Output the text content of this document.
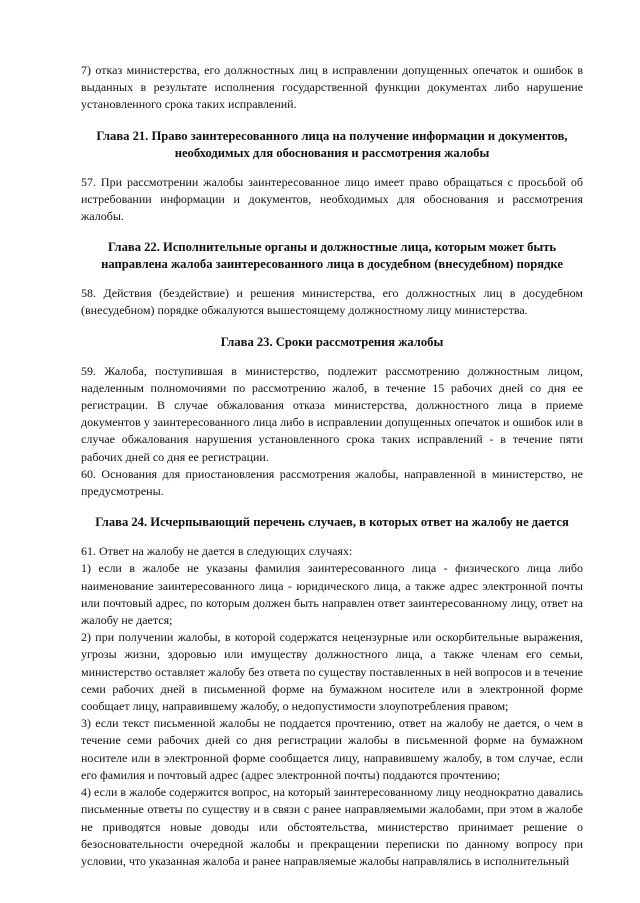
7) отказ министерства, его должностных лиц в исправлении допущенных опечаток и ошибок в выданных в результате исполнения государственной функции документах либо нарушение установленного срока таких исправлений.

Глава 21. Право заинтересованного лица на получение информации и документов, необходимых для обоснования и рассмотрения жалобы

57. При рассмотрении жалобы заинтересованное лицо имеет право обращаться с просьбой об истребовании информации и документов, необходимых для обоснования и рассмотрения жалобы.

Глава 22. Исполнительные органы и должностные лица, которым может быть направлена жалоба заинтересованного лица в досудебном (внесудебном) порядке

58. Действия (бездействие) и решения министерства, его должностных лиц в досудебном (внесудебном) порядке обжалуются вышестоящему должностному лицу министерства.

Глава 23. Сроки рассмотрения жалобы

59. Жалоба, поступившая в министерство, подлежит рассмотрению должностным лицом, наделенным полномочиями по рассмотрению жалоб, в течение 15 рабочих дней со дня ее регистрации. В случае обжалования отказа министерства, должностного лица в приеме документов у заинтересованного лица либо в исправлении допущенных опечаток и ошибок или в случае обжалования нарушения установленного срока таких исправлений - в течение пяти рабочих дней со дня ее регистрации.

60. Основания для приостановления рассмотрения жалобы, направленной в министерство, не предусмотрены.

Глава 24. Исчерпывающий перечень случаев, в которых ответ на жалобу не дается

61. Ответ на жалобу не дается в следующих случаях:

1) если в жалобе не указаны фамилия заинтересованного лица - физического лица либо наименование заинтересованного лица - юридического лица, а также адрес электронной почты или почтовый адрес, по которым должен быть направлен ответ заинтересованному лицу, ответ на жалобу не дается;

2) при получении жалобы, в которой содержатся нецензурные или оскорбительные выражения, угрозы жизни, здоровью или имуществу должностного лица, а также членам его семьи, министерство оставляет жалобу без ответа по существу поставленных в ней вопросов и в течение семи рабочих дней в письменной форме на бумажном носителе или в электронной форме сообщает лицу, направившему жалобу, о недопустимости злоупотребления правом;

3) если текст письменной жалобы не поддается прочтению, ответ на жалобу не дается, о чем в течение семи рабочих дней со дня регистрации жалобы в письменной форме на бумажном носителе или в электронной форме сообщается лицу, направившему жалобу, в том случае, если его фамилия и почтовый адрес (адрес электронной почты) поддаются прочтению;

4) если в жалобе содержится вопрос, на который заинтересованному лицу неоднократно давались письменные ответы по существу и в связи с ранее направляемыми жалобами, при этом в жалобе не приводятся новые доводы или обстоятельства, министерство принимает решение о безосновательности очередной жалобы и прекращении переписки по данному вопросу при условии, что указанная жалоба и ранее направляемые жалобы направлялись в исполнительный
